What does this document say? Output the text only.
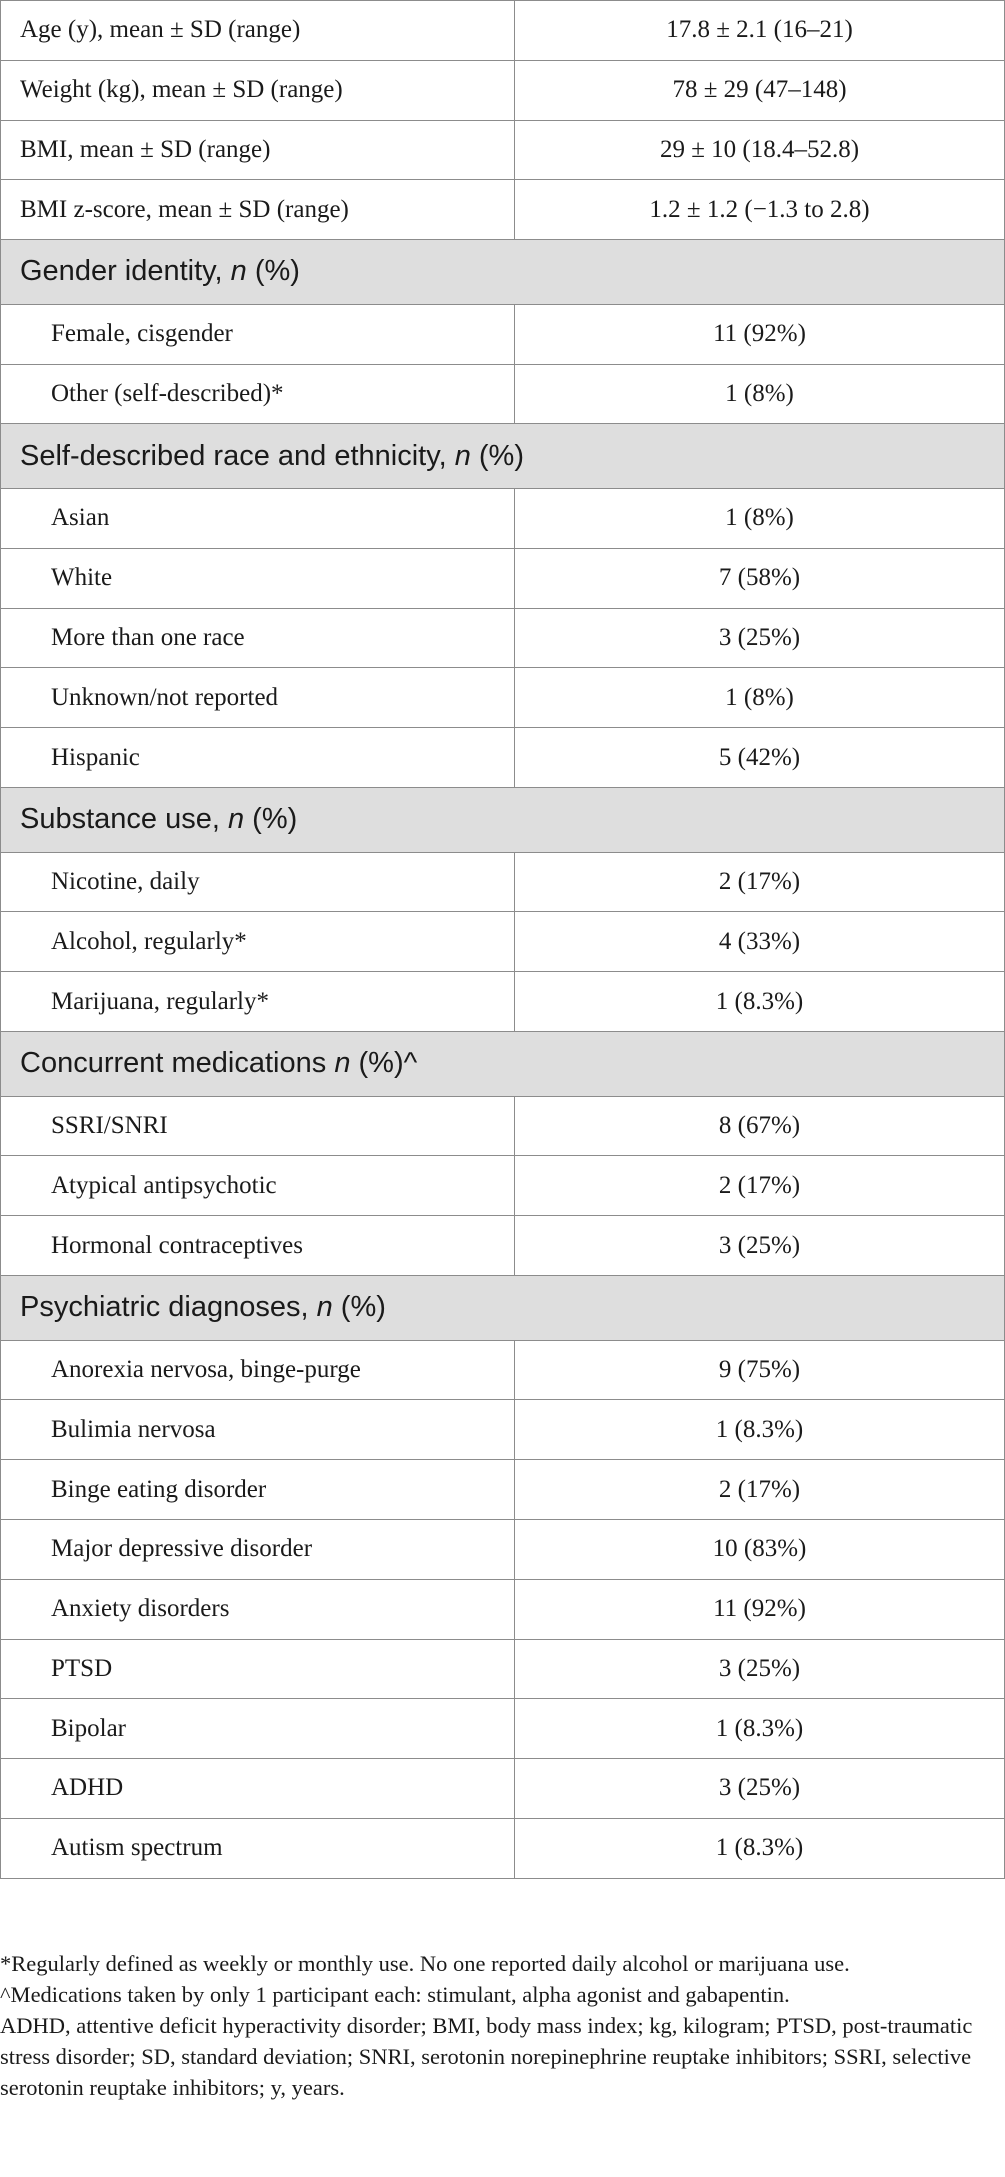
Age (y), mean ± SD (range)	17.8 ± 2.1 (16–21)
Weight (kg), mean ± SD (range)	78 ± 29 (47–148)
BMI, mean ± SD (range)	29 ± 10 (18.4–52.8)
BMI z-score, mean ± SD (range)	1.2 ± 1.2 (−1.3 to 2.8)
Gender identity, n (%)	
Female, cisgender	11 (92%)
Other (self-described)*	1 (8%)
Self-described race and ethnicity, n (%)	
Asian	1 (8%)
White	7 (58%)
More than one race	3 (25%)
Unknown/not reported	1 (8%)
Hispanic	5 (42%)
Substance use, n (%)	
Nicotine, daily	2 (17%)
Alcohol, regularly*	4 (33%)
Marijuana, regularly*	1 (8.3%)
Concurrent medications n (%)^	
SSRI/SNRI	8 (67%)
Atypical antipsychotic	2 (17%)
Hormonal contraceptives	3 (25%)
Psychiatric diagnoses, n (%)	
Anorexia nervosa, binge-purge	9 (75%)
Bulimia nervosa	1 (8.3%)
Binge eating disorder	2 (17%)
Major depressive disorder	10 (83%)
Anxiety disorders	11 (92%)
PTSD	3 (25%)
Bipolar	1 (8.3%)
ADHD	3 (25%)
Autism spectrum	1 (8.3%)

*Regularly defined as weekly or monthly use. No one reported daily alcohol or marijuana use.

^Medications taken by only 1 participant each: stimulant, alpha agonist and gabapentin.

ADHD, attentive deficit hyperactivity disorder; BMI, body mass index; kg, kilogram; PTSD, post-traumatic stress disorder; SD, standard deviation; SNRI, serotonin norepinephrine reuptake inhibitors; SSRI, selective serotonin reuptake inhibitors; y, years.
